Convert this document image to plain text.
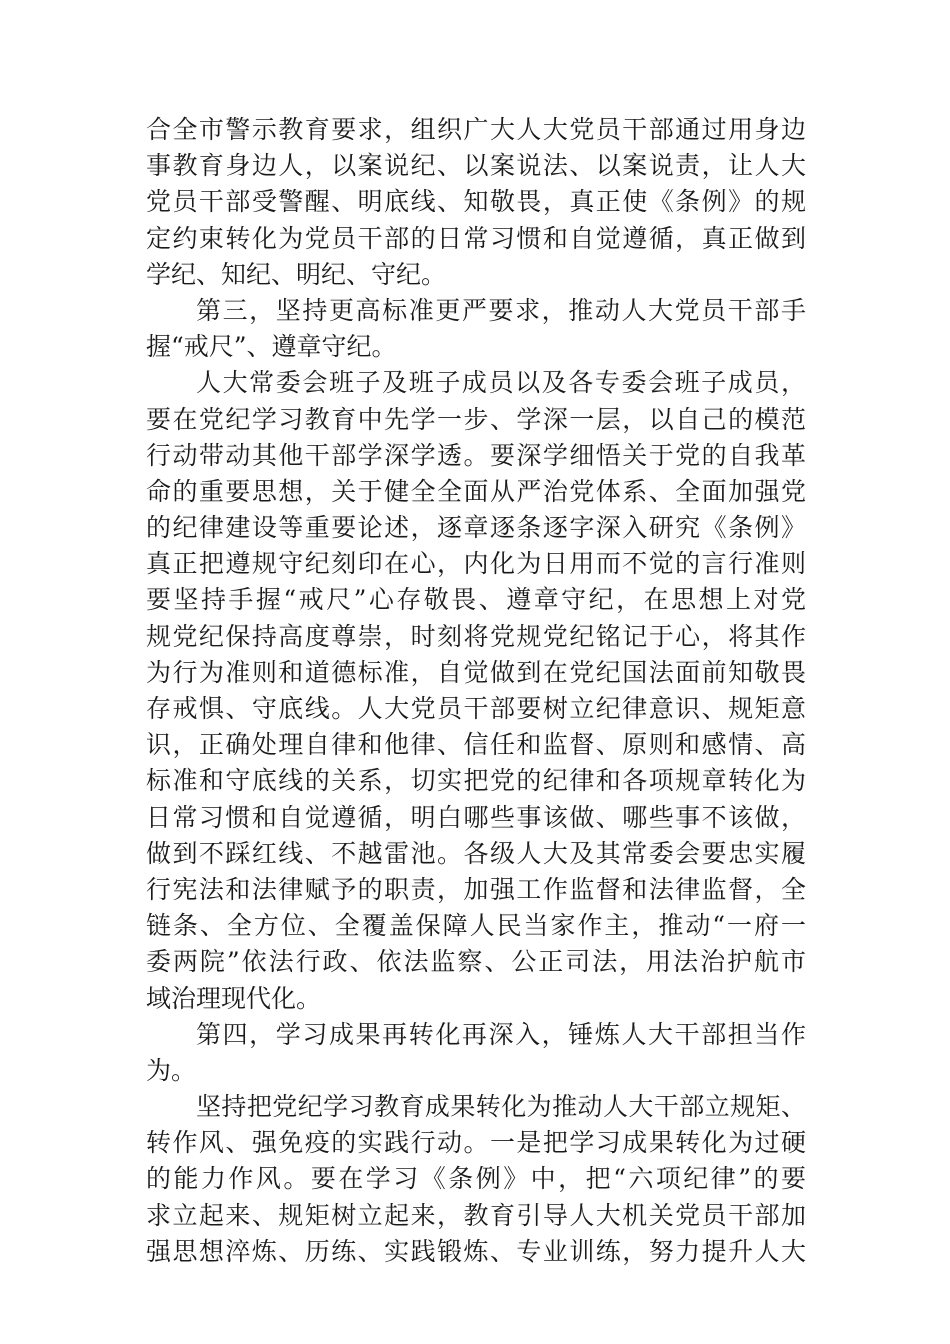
合全市警示教育要求，组织广大人大党员干部通过用身边
事教育身边人，以案说纪、以案说法、以案说责，让人大
党员干部受警醒、明底线、知敬畏，真正使《条例》的规
定约束转化为党员干部的日常习惯和自觉遵循，真正做到
学纪、知纪、明纪、守纪。
第三，坚持更高标准更严要求，推动人大党员干部手
握“戒尺”、遵章守纪。
人大常委会班子及班子成员以及各专委会班子成员，
要在党纪学习教育中先学一步、学深一层，以自己的模范
行动带动其他干部学深学透。要深学细悟关于党的自我革
命的重要思想，关于健全全面从严治党体系、全面加强党
的纪律建设等重要论述，逐章逐条逐字深入研究《条例》
真正把遵规守纪刻印在心，内化为日用而不觉的言行准则
要坚持手握“戒尺”心存敬畏、遵章守纪，在思想上对党
规党纪保持高度尊崇，时刻将党规党纪铭记于心，将其作
为行为准则和道德标准，自觉做到在党纪国法面前知敬畏
存戒惧、守底线。人大党员干部要树立纪律意识、规矩意
识，正确处理自律和他律、信任和监督、原则和感情、高
标准和守底线的关系，切实把党的纪律和各项规章转化为
日常习惯和自觉遵循，明白哪些事该做、哪些事不该做，
做到不踩红线、不越雷池。各级人大及其常委会要忠实履
行宪法和法律赋予的职责，加强工作监督和法律监督，全
链条、全方位、全覆盖保障人民当家作主，推动“一府一
委两院”依法行政、依法监察、公正司法，用法治护航市
域治理现代化。
第四，学习成果再转化再深入，锤炼人大干部担当作
为。
坚持把党纪学习教育成果转化为推动人大干部立规矩、
转作风、强免疫的实践行动。一是把学习成果转化为过硬
的能力作风。要在学习《条例》中，把“六项纪律”的要
求立起来、规矩树立起来，教育引导人大机关党员干部加
强思想淬炼、历练、实践锻炼、专业训练，努力提升人大
